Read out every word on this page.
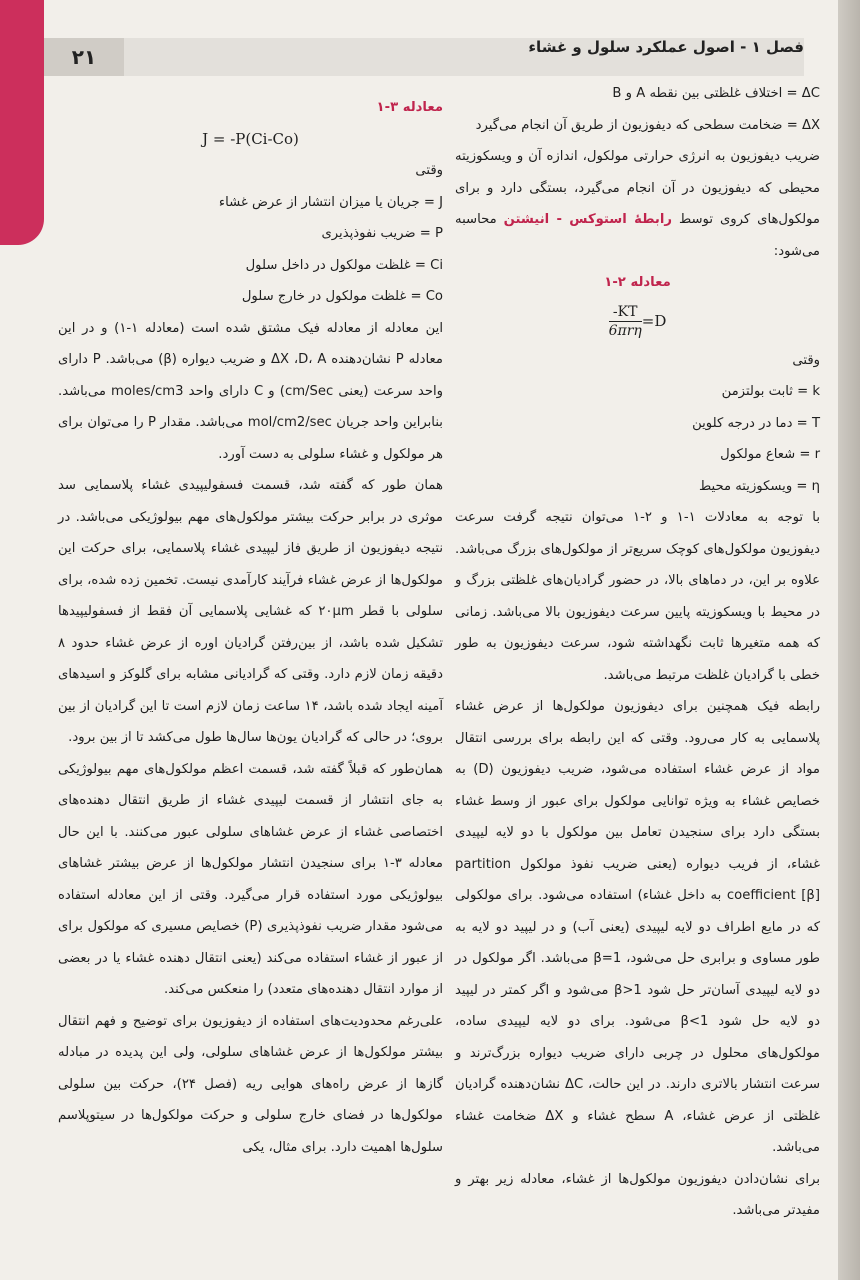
۲۱	فصل ۱ - اصول عملکرد سلول و غشاء

ΔC = اختلاف غلظتی بین نقطه A و B

ΔX = ضخامت سطحی که دیفوزیون از طریق آن انجام می‌گیرد

ضریب دیفوزیون به انرژی حرارتی مولکول، اندازه آن و ویسکوزیته محیطی که دیفوزیون در آن انجام می‌گیرد، بستگی دارد و برای مولکول‌های کروی توسط رابطهٔ استوکس - انیشتن محاسبه می‌شود:

معادله ۲-۱

D=
$\frac{-KT}{\text{6πrη}}$

وقتی

k = ثابت بولتزمن

T = دما در درجه کلوین

r = شعاع مولکول

η = ویسکوزیته محیط

با توجه به معادلات ۱-۱ و ۲-۱ می‌توان نتیجه گرفت سرعت دیفوزیون مولکول‌های کوچک سریع‌تر از مولکول‌های بزرگ می‌باشد. علاوه بر این، در دماهای بالا، در حضور گرادیان‌های غلظتی بزرگ و در محیط با ویسکوزیته پایین سرعت دیفوزیون بالا می‌باشد. زمانی که همه متغیرها ثابت نگهداشته شود، سرعت دیفوزیون به طور خطی با گرادیان غلظت مرتبط می‌باشد.

رابطه فیک همچنین برای دیفوزیون مولکول‌ها از عرض غشاء پلاسمایی به کار می‌رود. وقتی که این رابطه برای بررسی انتقال مواد از عرض غشاء استفاده می‌شود، ضریب دیفوزیون (D) به خصایص غشاء به ویژه توانایی مولکول برای عبور از وسط غشاء بستگی دارد برای سنجیدن تعامل بین مولکول با دو لایه لیپیدی غشاء، از فریب دیواره (یعنی ضریب نفوذ مولکول partition coefficient [β] به داخل غشاء) استفاده می‌شود. برای مولکولی که در مایع اطراف دو لایه لیپیدی (یعنی آب) و در لیپید دو لایه به طور مساوی و برابری حل می‌شود، β=1 می‌باشد. اگر مولکول در دو لایه لیپیدی آسان‌تر حل شود β>1 می‌شود و اگر کمتر در لیپید دو لایه حل شود β<1 می‌شود. برای دو لایه لیپیدی ساده، مولکول‌های محلول در چربی دارای ضریب دیواره بزرگ‌ترند و سرعت انتشار بالاتری دارند. در این حالت، ΔC نشان‌دهنده گرادیان غلظتی از عرض غشاء، A سطح غشاء و ΔX ضخامت غشاء می‌باشد.

برای نشان‌دادن دیفوزیون مولکول‌ها از غشاء، معادله زیر بهتر و مفیدتر می‌باشد.

معادله ۳-۱

J = -P(Ci-Co)

وقتی

J = جریان یا میزان انتشار از عرض غشاء

P = ضریب نفوذپذیری

Ci = غلظت مولکول در داخل سلول

Co = غلظت مولکول در خارج سلول

این معادله از معادله فیک مشتق شده است (معادله ۱-۱) و در این معادله P نشان‌دهنده ΔX ،D، A و ضریب دیواره (β) می‌باشد. P دارای واحد سرعت (یعنی cm/Sec) و C دارای واحد moles/cm3 می‌باشد. بنابراین واحد جریان mol/cm2/sec می‌باشد. مقدار P را می‌توان برای هر مولکول و غشاء سلولی به دست آورد.

همان طور که گفته شد، قسمت فسفولیپیدی غشاء پلاسمایی سد موثری در برابر حرکت بیشتر مولکول‌های مهم بیولوژیکی می‌باشد. در نتیجه دیفوزیون از طریق فاز لیپیدی غشاء پلاسمایی، برای حرکت این مولکول‌ها از عرض غشاء فرآیند کارآمدی نیست. تخمین زده شده، برای سلولی با قطر ۲۰μm که غشایی پلاسمایی آن فقط از فسفولیپیدها تشکیل شده باشد، از بین‌رفتن گرادیان اوره از عرض غشاء حدود ۸ دقیقه زمان لازم دارد. وقتی که گرادیانی مشابه برای گلوکز و اسیدهای آمینه ایجاد شده باشد، ۱۴ ساعت زمان لازم است تا این گرادیان از بین بروی؛ در حالی که گرادیان یون‌ها سال‌ها طول می‌کشد تا از بین برود.

همان‌طور که قبلاً گفته شد، قسمت اعظم مولکول‌های مهم بیولوژیکی به جای انتشار از قسمت لیپیدی غشاء از طریق انتقال دهنده‌های اختصاصی غشاء از عرض غشاهای سلولی عبور می‌کنند. با این حال معادله ۳-۱ برای سنجیدن انتشار مولکول‌ها از عرض بیشتر غشاهای بیولوژیکی مورد استفاده قرار می‌گیرد. وقتی از این معادله استفاده می‌شود مقدار ضریب نفوذپذیری (P) خصایص مسیری که مولکول برای از عبور از غشاء استفاده می‌کند (یعنی انتقال دهنده غشاء یا در بعضی از موارد انتقال دهنده‌های متعدد) را منعکس می‌کند.

علی‌رغم محدودیت‌های استفاده از دیفوزیون برای توضیح و فهم انتقال بیشتر مولکول‌ها از عرض غشاهای سلولی، ولی این پدیده در مبادله گازها از عرض راه‌های هوایی ریه (فصل ۲۴)، حرکت بین سلولی مولکول‌ها در فضای خارج سلولی و حرکت مولکول‌ها در سیتوپلاسم سلول‌ها اهمیت دارد. برای مثال، یکی
